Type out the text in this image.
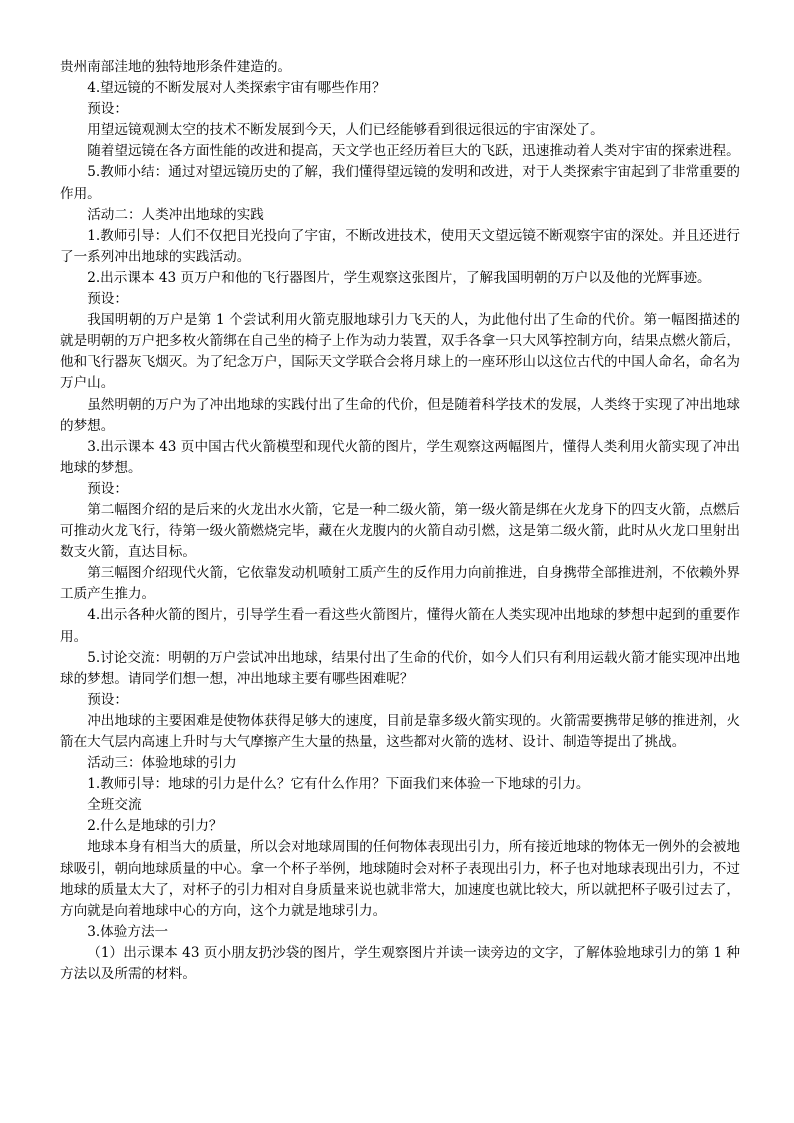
贵州南部洼地的独特地形条件建造的。

4.望远镜的不断发展对人类探索宇宙有哪些作用？

预设：

用望远镜观测太空的技术不断发展到今天，人们已经能够看到很远很远的宇宙深处了。

随着望远镜在各方面性能的改进和提高，天文学也正经历着巨大的飞跃，迅速推动着人类对宇宙的探索进程。

5.教师小结：通过对望远镜历史的了解，我们懂得望远镜的发明和改进，对于人类探索宇宙起到了非常重要的作用。

活动二：人类冲出地球的实践

1.教师引导：人们不仅把目光投向了宇宙，不断改进技术，使用天文望远镜不断观察宇宙的深处。并且还进行了一系列冲出地球的实践活动。

2.出示课本 43 页万户和他的飞行器图片，学生观察这张图片，了解我国明朝的万户以及他的光辉事迹。

预设：

我国明朝的万户是第 1 个尝试利用火箭克服地球引力飞天的人，为此他付出了生命的代价。第一幅图描述的就是明朝的万户把多枚火箭绑在自己坐的椅子上作为动力装置，双手各拿一只大风筝控制方向，结果点燃火箭后，他和飞行器灰飞烟灭。为了纪念万户，国际天文学联合会将月球上的一座环形山以这位古代的中国人命名，命名为万户山。

虽然明朝的万户为了冲出地球的实践付出了生命的代价，但是随着科学技术的发展，人类终于实现了冲出地球的梦想。

3.出示课本 43 页中国古代火箭模型和现代火箭的图片，学生观察这两幅图片，懂得人类利用火箭实现了冲出地球的梦想。

预设：

第二幅图介绍的是后来的火龙出水火箭，它是一种二级火箭，第一级火箭是绑在火龙身下的四支火箭，点燃后可推动火龙飞行，待第一级火箭燃烧完毕，藏在火龙腹内的火箭自动引燃，这是第二级火箭，此时从火龙口里射出数支火箭，直达目标。

第三幅图介绍现代火箭，它依靠发动机喷射工质产生的反作用力向前推进，自身携带全部推进剂，不依赖外界工质产生推力。

4.出示各种火箭的图片，引导学生看一看这些火箭图片，懂得火箭在人类实现冲出地球的梦想中起到的重要作用。

5.讨论交流：明朝的万户尝试冲出地球，结果付出了生命的代价，如今人们只有利用运载火箭才能实现冲出地球的梦想。请同学们想一想，冲出地球主要有哪些困难呢？

预设：

冲出地球的主要困难是使物体获得足够大的速度，目前是靠多级火箭实现的。火箭需要携带足够的推进剂，火箭在大气层内高速上升时与大气摩擦产生大量的热量，这些都对火箭的选材、设计、制造等提出了挑战。

活动三：体验地球的引力

1.教师引导：地球的引力是什么？它有什么作用？下面我们来体验一下地球的引力。

全班交流

2.什么是地球的引力？

地球本身有相当大的质量，所以会对地球周围的任何物体表现出引力，所有接近地球的物体无一例外的会被地球吸引，朝向地球质量的中心。拿一个杯子举例，地球随时会对杯子表现出引力，杯子也对地球表现出引力，不过地球的质量太大了，对杯子的引力相对自身质量来说也就非常大，加速度也就比较大，所以就把杯子吸引过去了，方向就是向着地球中心的方向，这个力就是地球引力。

3.体验方法一

（1）出示课本 43 页小朋友扔沙袋的图片，学生观察图片并读一读旁边的文字，了解体验地球引力的第 1 种方法以及所需的材料。
